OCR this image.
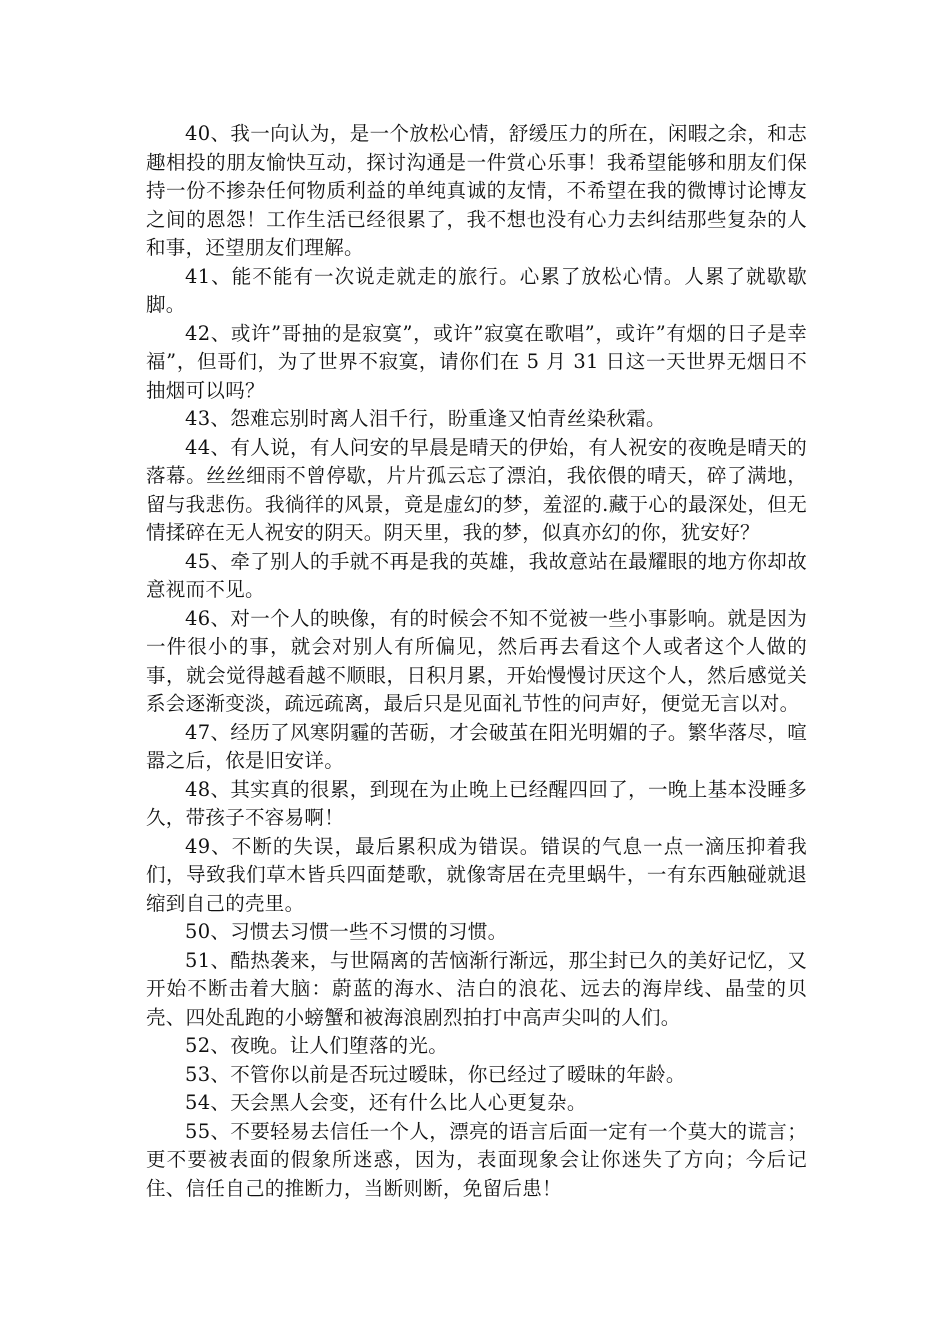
40、我一向认为，是一个放松心情，舒缓压力的所在，闲暇之余，和志趣相投的朋友愉快互动，探讨沟通是一件赏心乐事！我希望能够和朋友们保持一份不掺杂任何物质利益的单纯真诚的友情，不希望在我的微博讨论博友之间的恩怨！工作生活已经很累了，我不想也没有心力去纠结那些复杂的人和事，还望朋友们理解。

41、能不能有一次说走就走的旅行。心累了放松心情。人累了就歇歇脚。

42、或许”哥抽的是寂寞”，或许”寂寞在歌唱”，或许”有烟的日子是幸福”，但哥们，为了世界不寂寞，请你们在 5 月 31 日这一天世界无烟日不抽烟可以吗？

43、怨难忘别时离人泪千行，盼重逢又怕青丝染秋霜。

44、有人说，有人问安的早晨是晴天的伊始，有人祝安的夜晚是晴天的落幕。丝丝细雨不曾停歇，片片孤云忘了漂泊，我依偎的晴天，碎了满地，留与我悲伤。我徜徉的风景，竟是虚幻的梦，羞涩的.藏于心的最深处，但无情揉碎在无人祝安的阴天。阴天里，我的梦，似真亦幻的你，犹安好？

45、牵了别人的手就不再是我的英雄，我故意站在最耀眼的地方你却故意视而不见。

46、对一个人的映像，有的时候会不知不觉被一些小事影响。就是因为一件很小的事，就会对别人有所偏见，然后再去看这个人或者这个人做的事，就会觉得越看越不顺眼，日积月累，开始慢慢讨厌这个人，然后感觉关系会逐渐变淡，疏远疏离，最后只是见面礼节性的问声好，便觉无言以对。

47、经历了风寒阴霾的苦砺，才会破茧在阳光明媚的子。繁华落尽，喧嚣之后，依是旧安详。

48、其实真的很累，到现在为止晚上已经醒四回了，一晚上基本没睡多久，带孩子不容易啊！

49、不断的失误，最后累积成为错误。错误的气息一点一滴压抑着我们，导致我们草木皆兵四面楚歌，就像寄居在壳里蜗牛，一有东西触碰就退缩到自己的壳里。

50、习惯去习惯一些不习惯的习惯。

51、酷热袭来，与世隔离的苦恼渐行渐远，那尘封已久的美好记忆，又开始不断击着大脑：蔚蓝的海水、洁白的浪花、远去的海岸线、晶莹的贝壳、四处乱跑的小螃蟹和被海浪剧烈拍打中高声尖叫的人们。

52、夜晚。让人们堕落的光。

53、不管你以前是否玩过暧昧，你已经过了暧昧的年龄。

54、天会黑人会变，还有什么比人心更复杂。

55、不要轻易去信任一个人，漂亮的语言后面一定有一个莫大的谎言；更不要被表面的假象所迷惑，因为，表面现象会让你迷失了方向；今后记住、信任自己的推断力，当断则断，免留后患！
